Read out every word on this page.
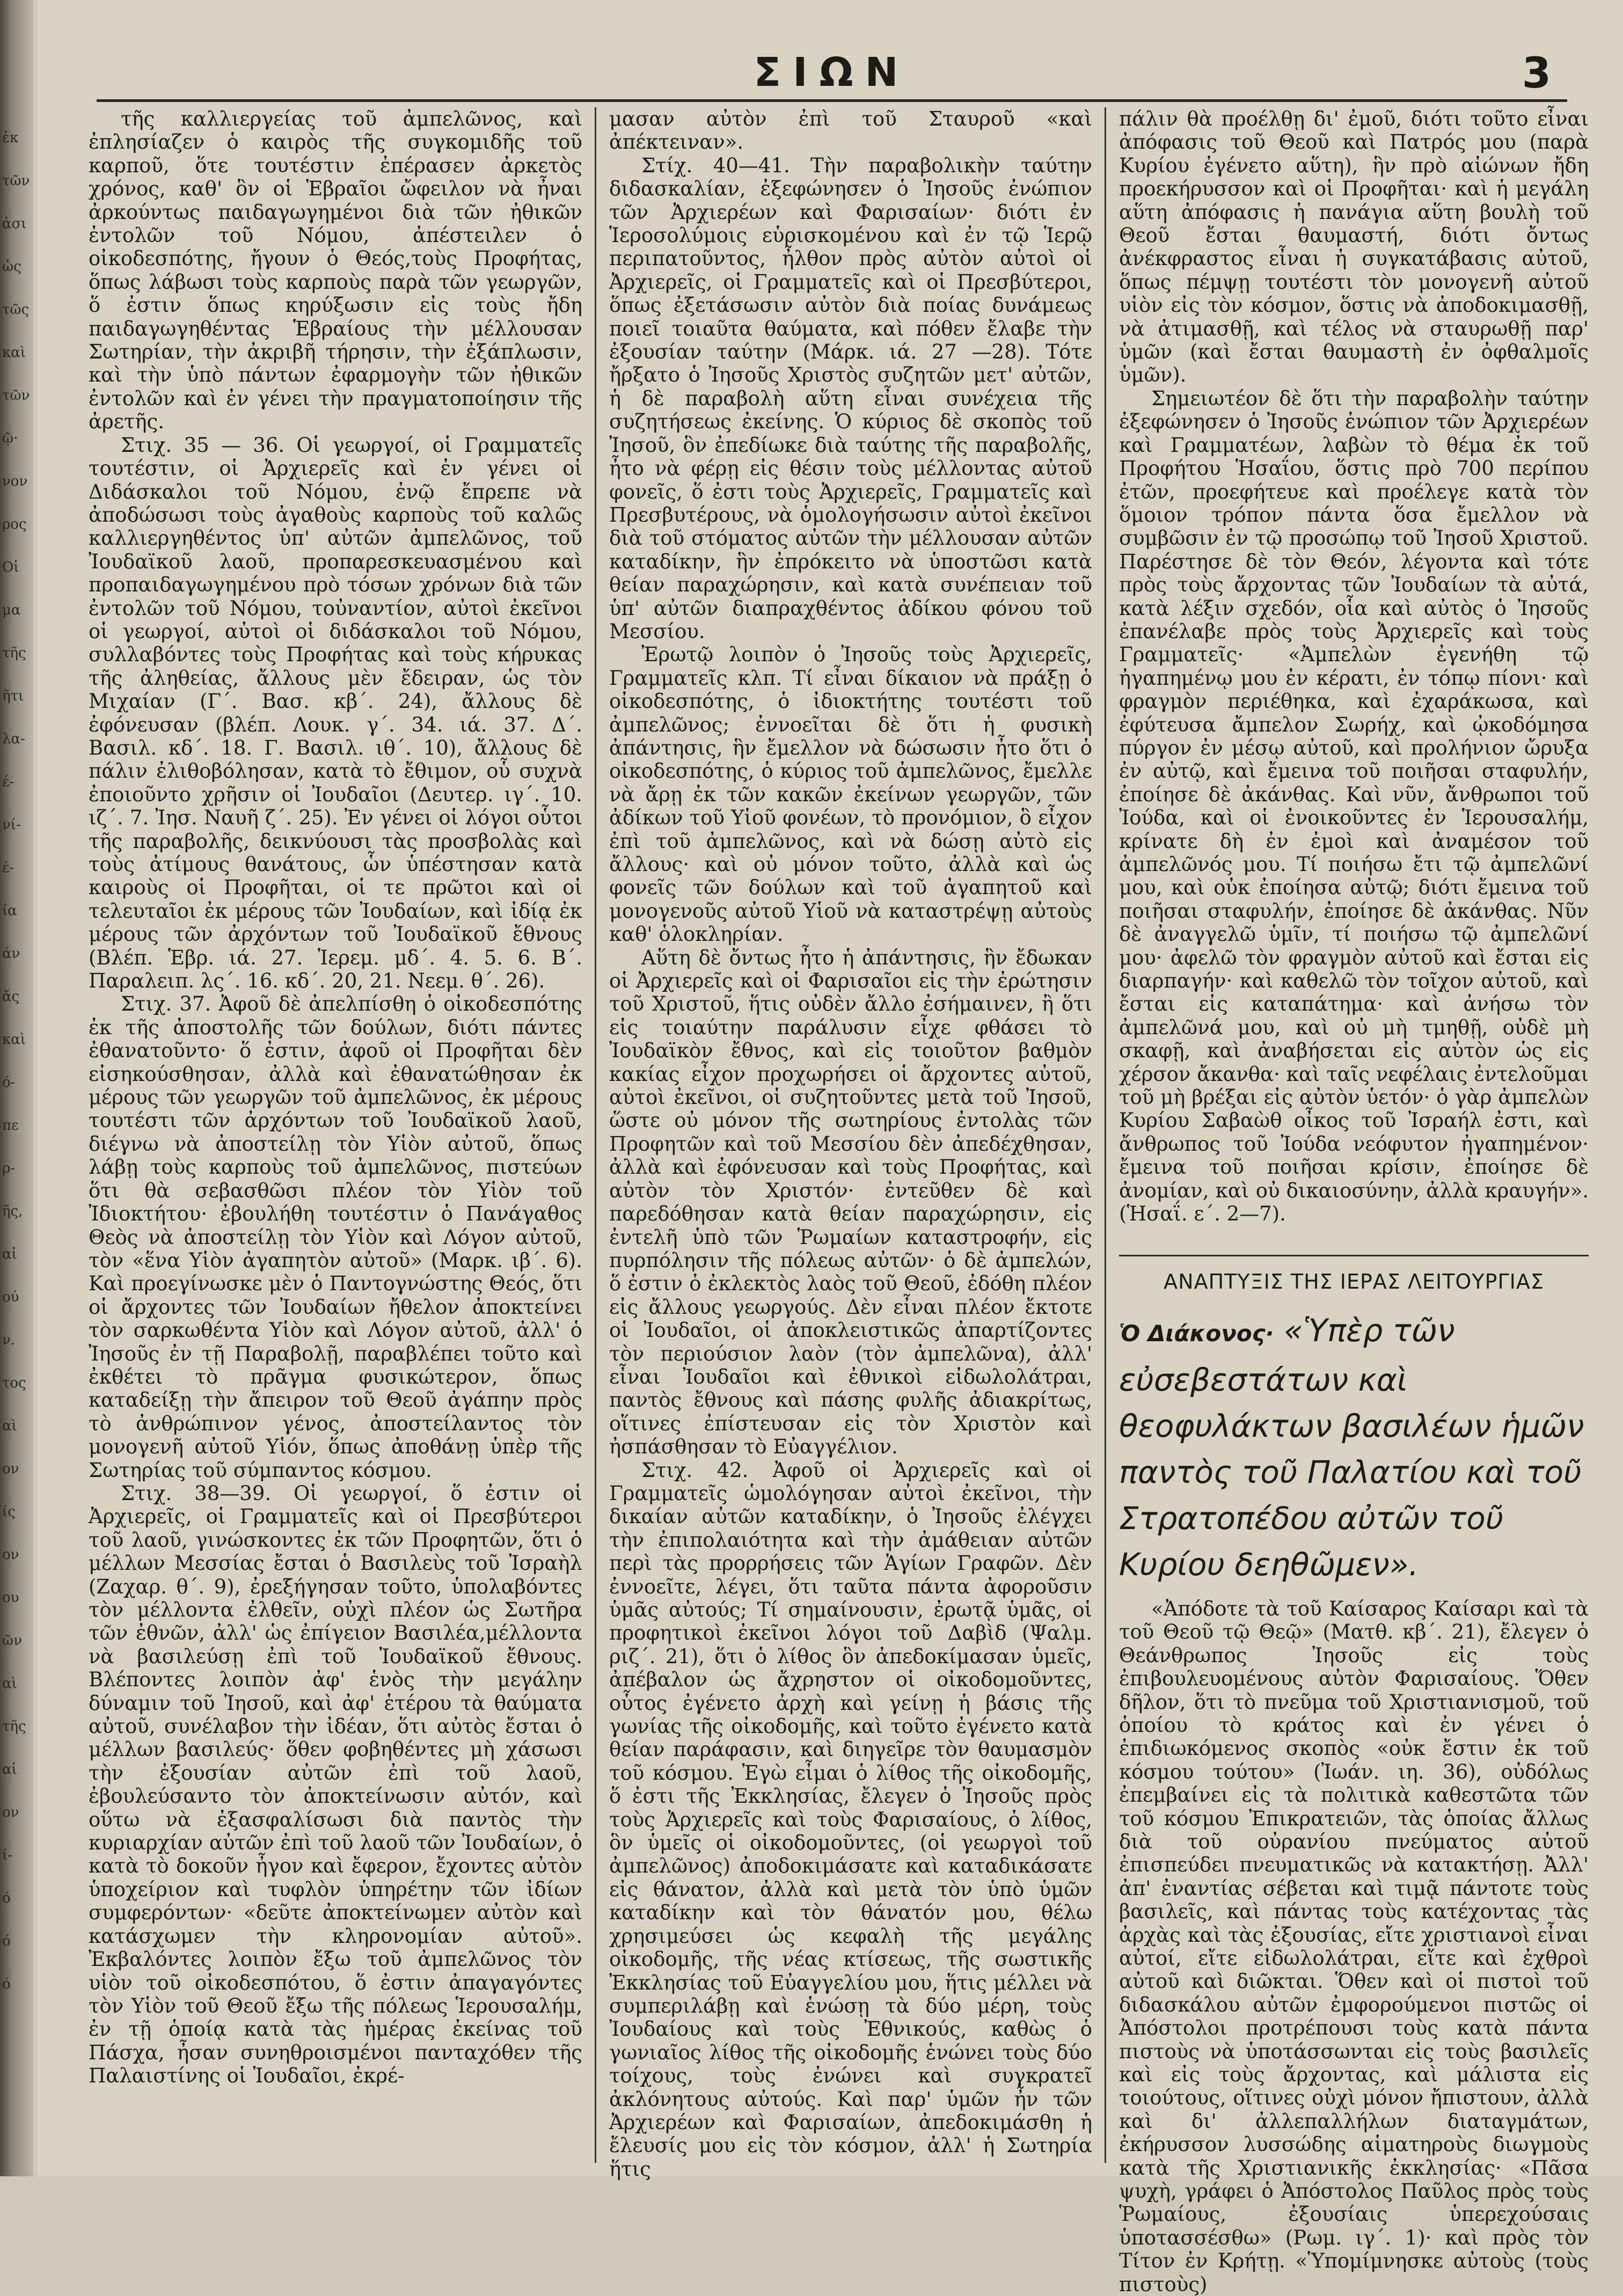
ἐκ
τῶν
ἀσι
ὡς
τῶς
καὶ
τῶν
ῷ·
νον
ρος
Οἱ
μα
τῆς
ῆτι
λα-
έ-
νί-
έ-
ία
άν
ἄς
καὶ
ό-
πε
ρ-
ῆς,
αἱ
ού
ν.
τος
αὶ
ον
ίς
ον
ου
ῶν
αὶ
τῆς
αἱ
ον
ί-
ό
ό
ό
ΣΙΩΝ	3

τῆς καλλιεργείας τοῦ ἀμπελῶνος, καὶ ἐπλησίαζεν ὁ καιρὸς τῆς συγκομιδῆς τοῦ καρποῦ, ὅτε τουτέστιν ἐπέρασεν ἀρκετὸς χρόνος, καθ' ὃν οἱ Ἑβραῖοι ὤφειλον νὰ ἦναι ἀρκούντως παιδαγωγημένοι διὰ τῶν ἠθικῶν ἐντολῶν τοῦ Νόμου, ἀπέστειλεν ὁ οἰκοδεσπότης, ἤγουν ὁ Θεός,τοὺς Προφήτας, ὅπως λάβωσι τοὺς καρποὺς παρὰ τῶν γεωργῶν, ὅ ἐστιν ὅπως κηρύξωσιν εἰς τοὺς ἤδη παιδαγωγηθέντας Ἑβραίους τὴν μέλλουσαν Σωτηρίαν, τὴν ἀκριβῆ τήρησιν, τὴν ἐξάπλωσιν, καὶ τὴν ὑπὸ πάντων ἐφαρμογὴν τῶν ἠθικῶν ἐντολῶν καὶ ἐν γένει τὴν πραγματοποίησιν τῆς ἀρετῆς.

Στιχ. 35 — 36. Οἱ γεωργοί, οἱ Γραμματεῖς τουτέστιν, οἱ Ἀρχιερεῖς καὶ ἐν γένει οἱ Διδάσκαλοι τοῦ Νόμου, ἐνῷ ἔπρεπε νὰ ἀποδώσωσι τοὺς ἀγαθοὺς καρποὺς τοῦ καλῶς καλλιεργηθέντος ὑπ' αὐτῶν ἀμπελῶνος, τοῦ Ἰουδαϊκοῦ λαοῦ, προπαρεσκευασμένου καὶ προπαιδαγωγημένου πρὸ τόσων χρόνων διὰ τῶν ἐντολῶν τοῦ Νόμου, τοὐναντίον, αὐτοὶ ἐκεῖνοι οἱ γεωργοί, αὐτοὶ οἱ διδάσκαλοι τοῦ Νόμου, συλλαβόντες τοὺς Προφήτας καὶ τοὺς κήρυκας τῆς ἀληθείας, ἄλλους μὲν ἔδειραν, ὡς τὸν Μιχαίαν (Γ΄. Βασ. κβ΄. 24), ἄλλους δὲ ἐφόνευσαν (βλέπ. Λουκ. γ΄. 34. ιά. 37. Δ΄. Βασιλ. κδ΄. 18. Γ. Βασιλ. ιθ΄. 10), ἄλλους δὲ πάλιν ἐλιθοβόλησαν, κατὰ τὸ ἔθιμον, οὗ συχνὰ ἐποιοῦντο χρῆσιν οἱ Ἰουδαῖοι (Δευτερ. ιγ΄. 10. ιζ΄. 7. Ἰησ. Ναυῆ ζ΄. 25). Ἐν γένει οἱ λόγοι οὗτοι τῆς παραβολῆς, δεικνύουσι τὰς προσβολὰς καὶ τοὺς ἀτίμους θανάτους, ὧν ὑπέστησαν κατὰ καιροὺς οἱ Προφῆται, οἱ τε πρῶτοι καὶ οἱ τελευταῖοι ἐκ μέρους τῶν Ἰουδαίων, καὶ ἰδίᾳ ἐκ μέρους τῶν ἀρχόντων τοῦ Ἰουδαϊκοῦ ἔθνους (Βλέπ. Ἑβρ. ιά. 27. Ἱερεμ. μδ΄. 4. 5. 6. Β΄. Παραλειπ. λς΄. 16. κδ΄. 20, 21. Νεεμ. θ΄. 26).

Στιχ. 37. Ἀφοῦ δὲ ἀπελπίσθη ὁ οἰκοδεσπότης ἐκ τῆς ἀποστολῆς τῶν δούλων, διότι πάντες ἐθανατοῦντο· ὅ ἐστιν, ἀφοῦ οἱ Προφῆται δὲν εἰσηκούσθησαν, ἀλλὰ καὶ ἐθανατώθησαν ἐκ μέρους τῶν γεωργῶν τοῦ ἀμπελῶνος, ἐκ μέρους τουτέστι τῶν ἀρχόντων τοῦ Ἰουδαϊκοῦ λαοῦ, διέγνω νὰ ἀποστείλῃ τὸν Υἱὸν αὐτοῦ, ὅπως λάβῃ τοὺς καρποὺς τοῦ ἀμπελῶνος, πιστεύων ὅτι θὰ σεβασθῶσι πλέον τὸν Υἱὸν τοῦ Ἰδιοκτήτου· ἐβουλήθη τουτέστιν ὁ Πανάγαθος Θεὸς νὰ ἀποστείλῃ τὸν Υἱὸν καὶ Λόγον αὐτοῦ, τὸν «ἕνα Υἱὸν ἀγαπητὸν αὐτοῦ» (Μαρκ. ιβ΄. 6). Καὶ προεγίνωσκε μὲν ὁ Παντογνώστης Θεός, ὅτι οἱ ἄρχοντες τῶν Ἰουδαίων ἤθελον ἀποκτείνει τὸν σαρκωθέντα Υἱὸν καὶ Λόγον αὐτοῦ, ἀλλ' ὁ Ἰησοῦς ἐν τῇ Παραβολῇ, παραβλέπει τοῦτο καὶ ἐκθέτει τὸ πρᾶγμα φυσικώτερον, ὅπως καταδείξῃ τὴν ἄπειρον τοῦ Θεοῦ ἀγάπην πρὸς τὸ ἀνθρώπινον γένος, ἀποστείλαντος τὸν μονογενῆ αὐτοῦ Υἱόν, ὅπως ἀποθάνῃ ὑπὲρ τῆς Σωτηρίας τοῦ σύμπαντος κόσμου.

Στιχ. 38—39. Οἱ γεωργοί, ὅ ἐστιν οἱ Ἀρχιερεῖς, οἱ Γραμματεῖς καὶ οἱ Πρεσβύτεροι τοῦ λαοῦ, γινώσκοντες ἐκ τῶν Προφητῶν, ὅτι ὁ μέλλων Μεσσίας ἔσται ὁ Βασιλεὺς τοῦ Ἰσραὴλ (Ζαχαρ. θ΄. 9), ἐρεξήγησαν τοῦτο, ὑπολαβόντες τὸν μέλλοντα ἐλθεῖν, οὐχὶ πλέον ὡς Σωτῆρα τῶν ἐθνῶν, ἀλλ' ὡς ἐπίγειον Βασιλέα,μέλλοντα νὰ βασιλεύσῃ ἐπὶ τοῦ Ἰουδαϊκοῦ ἔθνους. Βλέποντες λοιπὸν ἀφ' ἑνὸς τὴν μεγάλην δύναμιν τοῦ Ἰησοῦ, καὶ ἀφ' ἑτέρου τὰ θαύματα αὐτοῦ, συνέλαβον τὴν ἰδέαν, ὅτι αὐτὸς ἔσται ὁ μέλλων βασιλεύς· ὅθεν φοβηθέντες μὴ χάσωσι τὴν ἐξουσίαν αὐτῶν ἐπὶ τοῦ λαοῦ, ἐβουλεύσαντο τὸν ἀποκτείνωσιν αὐτόν, καὶ οὕτω νὰ ἐξασφαλίσωσι διὰ παντὸς τὴν κυριαρχίαν αὐτῶν ἐπὶ τοῦ λαοῦ τῶν Ἰουδαίων, ὁ κατὰ τὸ δοκοῦν ἦγον καὶ ἔφερον, ἔχοντες αὐτὸν ὑποχείριον καὶ τυφλὸν ὑπηρέτην τῶν ἰδίων συμφερόντων· «δεῦτε ἀποκτείνωμεν αὐτὸν καὶ κατάσχωμεν τὴν κληρονομίαν αὐτοῦ». Ἐκβαλόντες λοιπὸν ἔξω τοῦ ἀμπελῶνος τὸν υἱὸν τοῦ οἰκοδεσπότου, ὅ ἐστιν ἀπαγαγόντες τὸν Υἱὸν τοῦ Θεοῦ ἔξω τῆς πόλεως Ἱερουσαλήμ, ἐν τῇ ὁποίᾳ κατὰ τὰς ἡμέρας ἐκείνας τοῦ Πάσχα, ἦσαν συνηθροισμένοι πανταχόθεν τῆς Παλαιστίνης οἱ Ἰουδαῖοι, ἐκρέ-

μασαν αὐτὸν ἐπὶ τοῦ Σταυροῦ «καὶ ἀπέκτειναν».

Στίχ. 40—41. Τὴν παραβολικὴν ταύτην διδασκαλίαν, ἐξεφώνησεν ὁ Ἰησοῦς ἐνώπιον τῶν Ἀρχιερέων καὶ Φαρισαίων· διότι ἐν Ἱεροσολύμοις εὑρισκομένου καὶ ἐν τῷ Ἱερῷ περιπατοῦντος, ἦλθον πρὸς αὐτὸν αὐτοὶ οἱ Ἀρχιερεῖς, οἱ Γραμματεῖς καὶ οἱ Πρεσβύτεροι, ὅπως ἐξετάσωσιν αὐτὸν διὰ ποίας δυνάμεως ποιεῖ τοιαῦτα θαύματα, καὶ πόθεν ἔλαβε τὴν ἐξουσίαν ταύτην (Μάρκ. ιά. 27 —28). Τότε ἤρξατο ὁ Ἰησοῦς Χριστὸς συζητῶν μετ' αὐτῶν, ἡ δὲ παραβολὴ αὕτη εἶναι συνέχεια τῆς συζητήσεως ἐκείνης. Ὁ κύριος δὲ σκοπὸς τοῦ Ἰησοῦ, ὃν ἐπεδίωκε διὰ ταύτης τῆς παραβολῆς, ἦτο νὰ φέρῃ εἰς θέσιν τοὺς μέλλοντας αὐτοῦ φονεῖς, ὅ ἐστι τοὺς Ἀρχιερεῖς, Γραμματεῖς καὶ Πρεσβυτέρους, νὰ ὁμολογήσωσιν αὐτοὶ ἐκεῖνοι διὰ τοῦ στόματος αὐτῶν τὴν μέλλουσαν αὐτῶν καταδίκην, ἣν ἐπρόκειτο νὰ ὑποστῶσι κατὰ θείαν παραχώρησιν, καὶ κατὰ συνέπειαν τοῦ ὑπ' αὐτῶν διαπραχθέντος ἀδίκου φόνου τοῦ Μεσσίου.

Ἐρωτῷ λοιπὸν ὁ Ἰησοῦς τοὺς Ἀρχιερεῖς, Γραμματεῖς κλπ. Τί εἶναι δίκαιον νὰ πράξῃ ὁ οἰκοδεσπότης, ὁ ἰδιοκτήτης τουτέστι τοῦ ἀμπελῶνος; ἐννοεῖται δὲ ὅτι ἡ φυσικὴ ἀπάντησις, ἣν ἔμελλον νὰ δώσωσιν ἦτο ὅτι ὁ οἰκοδεσπότης, ὁ κύριος τοῦ ἀμπελῶνος, ἔμελλε νὰ ἄρῃ ἐκ τῶν κακῶν ἐκείνων γεωργῶν, τῶν ἀδίκων τοῦ Υἱοῦ φονέων, τὸ προνόμιον, ὃ εἶχον ἐπὶ τοῦ ἀμπελῶνος, καὶ νὰ δώσῃ αὐτὸ εἰς ἄλλους· καὶ οὐ μόνον τοῦτο, ἀλλὰ καὶ ὡς φονεῖς τῶν δούλων καὶ τοῦ ἀγαπητοῦ καὶ μονογενοῦς αὐτοῦ Υἱοῦ νὰ καταστρέψῃ αὐτοὺς καθ' ὁλοκληρίαν.

Αὕτη δὲ ὄντως ἦτο ἡ ἀπάντησις, ἣν ἔδωκαν οἱ Ἀρχιερεῖς καὶ οἱ Φαρισαῖοι εἰς τὴν ἐρώτησιν τοῦ Χριστοῦ, ἥτις οὐδὲν ἄλλο ἐσήμαινεν, ἢ ὅτι εἰς τοιαύτην παράλυσιν εἶχε φθάσει τὸ Ἰουδαϊκὸν ἔθνος, καὶ εἰς τοιοῦτον βαθμὸν κακίας εἶχον προχωρήσει οἱ ἄρχοντες αὐτοῦ, αὐτοὶ ἐκεῖνοι, οἱ συζητοῦντες μετὰ τοῦ Ἰησοῦ, ὥστε οὐ μόνον τῆς σωτηρίους ἐντολὰς τῶν Προφητῶν καὶ τοῦ Μεσσίου δὲν ἀπεδέχθησαν, ἀλλὰ καὶ ἐφόνευσαν καὶ τοὺς Προφήτας, καὶ αὐτὸν τὸν Χριστόν· ἐντεῦθεν δὲ καὶ παρεδόθησαν κατὰ θείαν παραχώρησιν, εἰς ἐντελῆ ὑπὸ τῶν Ῥωμαίων καταστροφήν, εἰς πυρπόλησιν τῆς πόλεως αὐτῶν· ὁ δὲ ἀμπελών, ὅ ἐστιν ὁ ἐκλεκτὸς λαὸς τοῦ Θεοῦ, ἐδόθη πλέον εἰς ἄλλους γεωργούς. Δὲν εἶναι πλέον ἔκτοτε οἱ Ἰουδαῖοι, οἱ ἀποκλειστικῶς ἀπαρτίζοντες τὸν περιούσιον λαὸν (τὸν ἀμπελῶνα), ἀλλ' εἶναι Ἰουδαῖοι καὶ ἐθνικοὶ εἰδωλολάτραι, παντὸς ἔθνους καὶ πάσης φυλῆς ἀδιακρίτως, οἵτινες ἐπίστευσαν εἰς τὸν Χριστὸν καὶ ἠσπάσθησαν τὸ Εὐαγγέλιον.

Στιχ. 42. Ἀφοῦ οἱ Ἀρχιερεῖς καὶ οἱ Γραμματεῖς ὡμολόγησαν αὐτοὶ ἐκεῖνοι, τὴν δικαίαν αὐτῶν καταδίκην, ὁ Ἰησοῦς ἐλέγχει τὴν ἐπιπολαιότητα καὶ τὴν ἀμάθειαν αὐτῶν περὶ τὰς προρρήσεις τῶν Ἁγίων Γραφῶν. Δὲν ἐννοεῖτε, λέγει, ὅτι ταῦτα πάντα ἀφοροῦσιν ὑμᾶς αὐτούς; Τί σημαίνουσιν, ἐρωτᾷ ὑμᾶς, οἱ προφητικοὶ ἐκεῖνοι λόγοι τοῦ Δαβὶδ (Ψαλμ. ριζ΄. 21), ὅτι ὁ λίθος ὃν ἀπεδοκίμασαν ὑμεῖς, ἀπέβαλον ὡς ἄχρηστον οἱ οἰκοδομοῦντες, οὗτος ἐγένετο ἀρχὴ καὶ γείνῃ ἡ βάσις τῆς γωνίας τῆς οἰκοδομῆς, καὶ τοῦτο ἐγένετο κατὰ θείαν παράφασιν, καὶ διηγεῖρε τὸν θαυμασμὸν τοῦ κόσμου. Ἐγὼ εἶμαι ὁ λίθος τῆς οἰκοδομῆς, ὅ ἐστι τῆς Ἐκκλησίας, ἔλεγεν ὁ Ἰησοῦς πρὸς τοὺς Ἀρχιερεῖς καὶ τοὺς Φαρισαίους, ὁ λίθος, ὃν ὑμεῖς οἱ οἰκοδομοῦντες, (οἱ γεωργοὶ τοῦ ἀμπελῶνος) ἀποδοκιμάσατε καὶ καταδικάσατε εἰς θάνατον, ἀλλὰ καὶ μετὰ τὸν ὑπὸ ὑμῶν καταδίκην καὶ τὸν θάνατόν μου, θέλω χρησιμεύσει ὡς κεφαλὴ τῆς μεγάλης οἰκοδομῆς, τῆς νέας κτίσεως, τῆς σωστικῆς Ἐκκλησίας τοῦ Εὐαγγελίου μου, ἥτις μέλλει νὰ συμπεριλάβῃ καὶ ἑνώσῃ τὰ δύο μέρη, τοὺς Ἰουδαίους καὶ τοὺς Ἐθνικούς, καθὼς ὁ γωνιαῖος λίθος τῆς οἰκοδομῆς ἑνώνει τοὺς δύο τοίχους, τοὺς ἐνώνει καὶ συγκρατεῖ ἀκλόνητους αὐτούς. Καὶ παρ' ὑμῶν ἦν τῶν Ἀρχιερέων καὶ Φαρισαίων, ἀπεδοκιμάσθη ἡ ἔλευσίς μου εἰς τὸν κόσμον, ἀλλ' ἡ Σωτηρία ἥτις

πάλιν θὰ προέλθῃ δι' ἐμοῦ, διότι τοῦτο εἶναι ἀπόφασις τοῦ Θεοῦ καὶ Πατρός μου (παρὰ Κυρίου ἐγένετο αὕτη), ἣν πρὸ αἰώνων ἤδη προεκήρυσσον καὶ οἱ Προφῆται· καὶ ἡ μεγάλη αὕτη ἀπόφασις ἡ πανάγια αὕτη βουλὴ τοῦ Θεοῦ ἔσται θαυμαστή, διότι ὄντως ἀνέκφραστος εἶναι ἡ συγκατάβασις αὐτοῦ, ὅπως πέμψῃ τουτέστι τὸν μονογενῆ αὐτοῦ υἱὸν εἰς τὸν κόσμον, ὅστις νὰ ἀποδοκιμασθῇ, νὰ ἀτιμασθῇ, καὶ τέλος νὰ σταυρωθῇ παρ' ὑμῶν (καὶ ἔσται θαυμαστὴ ἐν ὀφθαλμοῖς ὑμῶν).

Σημειωτέον δὲ ὅτι τὴν παραβολὴν ταύτην ἐξεφώνησεν ὁ Ἰησοῦς ἐνώπιον τῶν Ἀρχιερέων καὶ Γραμματέων, λαβὼν τὸ θέμα ἐκ τοῦ Προφήτου Ἡσαΐου, ὅστις πρὸ 700 περίπου ἐτῶν, προεφήτευε καὶ προέλεγε κατὰ τὸν ὅμοιον τρόπον πάντα ὅσα ἔμελλον νὰ συμβῶσιν ἐν τῷ προσώπῳ τοῦ Ἰησοῦ Χριστοῦ. Παρέστησε δὲ τὸν Θεόν, λέγοντα καὶ τότε πρὸς τοὺς ἄρχοντας τῶν Ἰουδαίων τὰ αὐτά, κατὰ λέξιν σχεδόν, οἷα καὶ αὐτὸς ὁ Ἰησοῦς ἐπανέλαβε πρὸς τοὺς Ἀρχιερεῖς καὶ τοὺς Γραμματεῖς· «Ἀμπελὼν ἐγενήθη τῷ ἠγαπημένῳ μου ἐν κέρατι, ἐν τόπῳ πίονι· καὶ φραγμὸν περιέθηκα, καὶ ἐχαράκωσα, καὶ ἐφύτευσα ἄμπελον Σωρήχ, καὶ ᾠκοδόμησα πύργον ἐν μέσῳ αὐτοῦ, καὶ προλήνιον ὤρυξα ἐν αὐτῷ, καὶ ἔμεινα τοῦ ποιῆσαι σταφυλήν, ἐποίησε δὲ ἀκάνθας. Καὶ νῦν, ἄνθρωποι τοῦ Ἰούδα, καὶ οἱ ἐνοικοῦντες ἐν Ἱερουσαλήμ, κρίνατε δὴ ἐν ἐμοὶ καὶ ἀναμέσον τοῦ ἀμπελῶνός μου. Τί ποιήσω ἔτι τῷ ἀμπελῶνί μου, καὶ οὐκ ἐποίησα αὐτῷ; διότι ἔμεινα τοῦ ποιῆσαι σταφυλήν, ἐποίησε δὲ ἀκάνθας. Νῦν δὲ ἀναγγελῶ ὑμῖν, τί ποιήσω τῷ ἀμπελῶνί μου· ἀφελῶ τὸν φραγμὸν αὐτοῦ καὶ ἔσται εἰς διαρπαγήν· καὶ καθελῶ τὸν τοῖχον αὐτοῦ, καὶ ἔσται εἰς καταπάτημα· καὶ ἀνήσω τὸν ἀμπελῶνά μου, καὶ οὐ μὴ τμηθῇ, οὐδὲ μὴ σκαφῇ, καὶ ἀναβήσεται εἰς αὐτὸν ὡς εἰς χέρσον ἄκανθα· καὶ ταῖς νεφέλαις ἐντελοῦμαι τοῦ μὴ βρέξαι εἰς αὐτὸν ὑετόν· ὁ γὰρ ἀμπελὼν Κυρίου Σαβαὼθ οἶκος τοῦ Ἰσραήλ ἐστι, καὶ ἄνθρωπος τοῦ Ἰούδα νεόφυτον ἠγαπημένον· ἔμεινα τοῦ ποιῆσαι κρίσιν, ἐποίησε δὲ ἀνομίαν, καὶ οὐ δικαιοσύνην, ἀλλὰ κραυγήν». (Ἡσαΐ. ε΄. 2—7).

ΑΝΑΠΤΥΞΙΣ ΤΗΣ ΙΕΡΑΣ ΛΕΙΤΟΥΡΓΙΑΣ
Ὁ Διάκονος· «Ὑπὲρ τῶν εὐσεβεστάτων καὶ θεοφυλάκτων βασιλέων ἡμῶν παντὸς τοῦ Παλατίου καὶ τοῦ Στρατοπέδου αὐτῶν τοῦ Κυρίου δεηθῶμεν».

«Ἀπόδοτε τὰ τοῦ Καίσαρος Καίσαρι καὶ τὰ τοῦ Θεοῦ τῷ Θεῷ» (Ματθ. κβ΄. 21), ἔλεγεν ὁ Θεάνθρωπος Ἰησοῦς εἰς τοὺς ἐπιβουλευομένους αὐτὸν Φαρισαίους. Ὅθεν δῆλον, ὅτι τὸ πνεῦμα τοῦ Χριστιανισμοῦ, τοῦ ὁποίου τὸ κράτος καὶ ἐν γένει ὁ ἐπιδιωκόμενος σκοπὸς «οὐκ ἔστιν ἐκ τοῦ κόσμου τούτου» (Ἰωάν. ιη. 36), οὐδόλως ἐπεμβαίνει εἰς τὰ πολιτικὰ καθεστῶτα τῶν τοῦ κόσμου Ἐπικρατειῶν, τὰς ὁποίας ἄλλως διὰ τοῦ οὐρανίου πνεύματος αὐτοῦ ἐπισπεύδει πνευματικῶς νὰ κατακτήσῃ. Ἀλλ' ἀπ' ἐναντίας σέβεται καὶ τιμᾷ πάντοτε τοὺς βασιλεῖς, καὶ πάντας τοὺς κατέχοντας τὰς ἀρχὰς καὶ τὰς ἐξουσίας, εἴτε χριστιανοὶ εἶναι αὐτοί, εἴτε εἰδωλολάτραι, εἴτε καὶ ἐχθροὶ αὐτοῦ καὶ διῶκται. Ὅθεν καὶ οἱ πιστοὶ τοῦ διδασκάλου αὐτῶν ἐμφορούμενοι πιστῶς οἱ Ἀπόστολοι προτρέπουσι τοὺς κατὰ πάντα πιστοὺς νὰ ὑποτάσσωνται εἰς τοὺς βασιλεῖς καὶ εἰς τοὺς ἄρχοντας, καὶ μάλιστα εἰς τοιούτους, οἵτινες οὐχὶ μόνον ἤπιστουν, ἀλλὰ καὶ δι' ἀλλεπαλλήλων διαταγμάτων, ἐκήρυσσον λυσσώδης αἱματηροὺς διωγμοὺς κατὰ τῆς Χριστιανικῆς ἐκκλησίας· «Πᾶσα ψυχὴ, γράφει ὁ Ἀπόστολος Παῦλος πρὸς τοὺς Ῥωμαίους, ἐξουσίαις ὑπερεχούσαις ὑποτασσέσθω» (Ρωμ. ιγ΄. 1)· καὶ πρὸς τὸν Τίτον ἐν Κρήτῃ. «Ὑπομίμνησκε αὐτοὺς (τοὺς πιστοὺς)
